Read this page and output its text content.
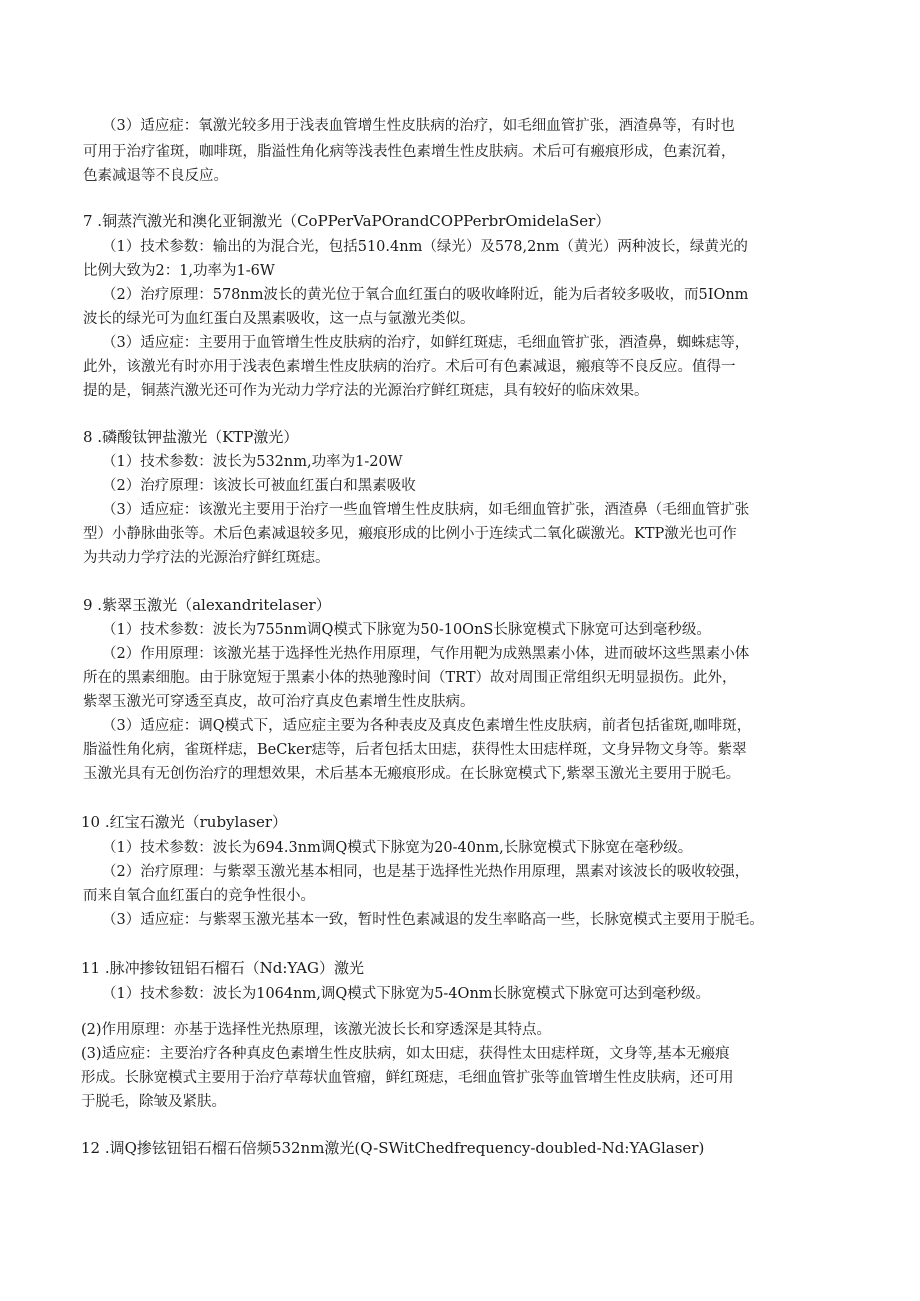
（3）适应症：氧激光较多用于浅表血管增生性皮肤病的治疗，如毛细血管扩张，酒渣鼻等，有时也
可用于治疗雀斑，咖啡斑，脂溢性角化病等浅表性色素增生性皮肤病。术后可有瘢痕形成，色素沉着，
色素减退等不良反应。
7 .铜蒸汽激光和澳化亚铜激光（CoPPerVaPOrandCOPPerbrOmidelaSer）
（1）技术参数：输出的为混合光，包括510.4nm（绿光）及578,2nm（黄光）两种波长，绿黄光的
比例大致为2：1,功率为1-6W
（2）治疗原理：578nm波长的黄光位于氧合血红蛋白的吸收峰附近，能为后者较多吸收，而5IOnm
波长的绿光可为血红蛋白及黑素吸收，这一点与氩激光类似。
（3）适应症：主要用于血管增生性皮肤病的治疗，如鲜红斑痣，毛细血管扩张，酒渣鼻，蜘蛛痣等，
此外，该激光有时亦用于浅表色素增生性皮肤病的治疗。术后可有色素减退，瘢痕等不良反应。值得一
提的是，铜蒸汽激光还可作为光动力学疗法的光源治疗鲜红斑痣，具有较好的临床效果。
8 .磷酸钛钾盐激光（KTP激光）
（1）技术参数：波长为532nm,功率为1-20W
（2）治疗原理：该波长可被血红蛋白和黑素吸收
（3）适应症：该激光主要用于治疗一些血管增生性皮肤病，如毛细血管扩张，酒渣鼻（毛细血管扩张
型）小静脉曲张等。术后色素减退较多见，瘢痕形成的比例小于连续式二氧化碳激光。KTP激光也可作
为共动力学疗法的光源治疗鲜红斑痣。
9 .紫翠玉激光（alexandritelaser）
（1）技术参数：波长为755nm调Q模式下脉宽为50-10OnS长脉宽模式下脉宽可达到毫秒级。
（2）作用原理：该激光基于选择性光热作用原理，气作用靶为成熟黑素小体，进而破坏这些黑素小体
所在的黑素细胞。由于脉宽短于黑素小体的热驰豫时间（TRT）故对周围正常组织无明显损伤。此外，
紫翠玉激光可穿透至真皮，故可治疗真皮色素增生性皮肤病。
（3）适应症：调Q模式下，适应症主要为各种表皮及真皮色素增生性皮肤病，前者包括雀斑,咖啡斑，
脂溢性角化病，雀斑样痣，BeCker痣等，后者包括太田痣，获得性太田痣样斑，文身异物文身等。紫翠
玉激光具有无创伤治疗的理想效果，术后基本无瘢痕形成。在长脉宽模式下,紫翠玉激光主要用于脱毛。
10 .红宝石激光（rubylaser）
（1）技术参数：波长为694.3nm调Q模式下脉宽为20-40nm,长脉宽模式下脉宽在毫秒级。
（2）治疗原理：与紫翠玉激光基本相同，也是基于选择性光热作用原理，黑素对该波长的吸收较强，
而来自氧合血红蛋白的竞争性很小。
（3）适应症：与紫翠玉激光基本一致，暂时性色素减退的发生率略高一些，长脉宽模式主要用于脱毛。
11 .脉冲掺钕钮铝石榴石（Nd:YAG）激光
（1）技术参数：波长为1064nm,调Q模式下脉宽为5-4Onm长脉宽模式下脉宽可达到毫秒级。
(2)作用原理：亦基于选择性光热原理，该激光波长长和穿透深是其特点。
(3)适应症：主要治疗各种真皮色素增生性皮肤病，如太田痣，获得性太田痣样斑，文身等,基本无瘢痕
形成。长脉宽模式主要用于治疗草莓状血管瘤，鲜红斑痣，毛细血管扩张等血管增生性皮肤病，还可用
于脱毛，除皱及紧肤。
12 .调Q掺铉钮铝石榴石倍频532nm激光(Q-SWitChedfrequency-doubled-Nd:YAGlaser)
